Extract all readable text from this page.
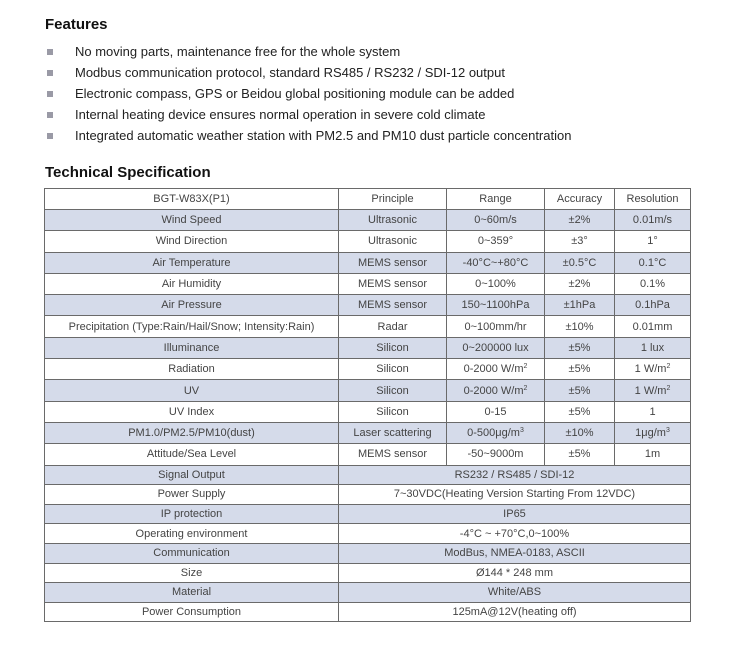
Features
No moving parts, maintenance free for the whole system
Modbus communication protocol, standard RS485 / RS232 / SDI-12 output
Electronic compass, GPS or Beidou global positioning module can be added
Internal heating device ensures normal operation in severe cold climate
Integrated automatic weather station with PM2.5 and PM10 dust particle concentration
Technical Specification
BGT-W83X(P1)	Principle	Range	Accuracy	Resolution
Wind Speed	Ultrasonic	0~60m/s	±2%	0.01m/s
Wind Direction	Ultrasonic	0~359°	±3°	1°
Air Temperature	MEMS sensor	-40°C~+80°C	±0.5°C	0.1°C
Air Humidity	MEMS sensor	0~100%	±2%	0.1%
Air Pressure	MEMS sensor	150~1100hPa	±1hPa	0.1hPa
Precipitation (Type:Rain/Hail/Snow; Intensity:Rain)	Radar	0~100mm/hr	±10%	0.01mm
Illuminance	Silicon	0~200000 lux	±5%	1 lux
Radiation	Silicon	0-2000 $W/m^2$	±5%	1 $W/m^2$
UV	Silicon	0-2000 $W/m^2$	±5%	1 $W/m^2$
UV Index	Silicon	0-15	±5%	1
PM1.0/PM2.5/PM10(dust)	Laser scattering	$0-500\mu g/m^3$	±10%	$1\mu g/m^3$
Attitude/Sea Level	MEMS sensor	-50~9000m	±5%	1m
Signal Output	RS232 / RS485 / SDI-12			
Power Supply	7~30VDC(Heating Version Starting From 12VDC)			
IP protection	IP65			
Operating environment	-4°C ~ +70°C,0~100%			
Communication	ModBus, NMEA-0183, ASCII			
Size	Ø144 * 248 mm			
Material	White/ABS			
Power Consumption	125mA@12V(heating off)			
